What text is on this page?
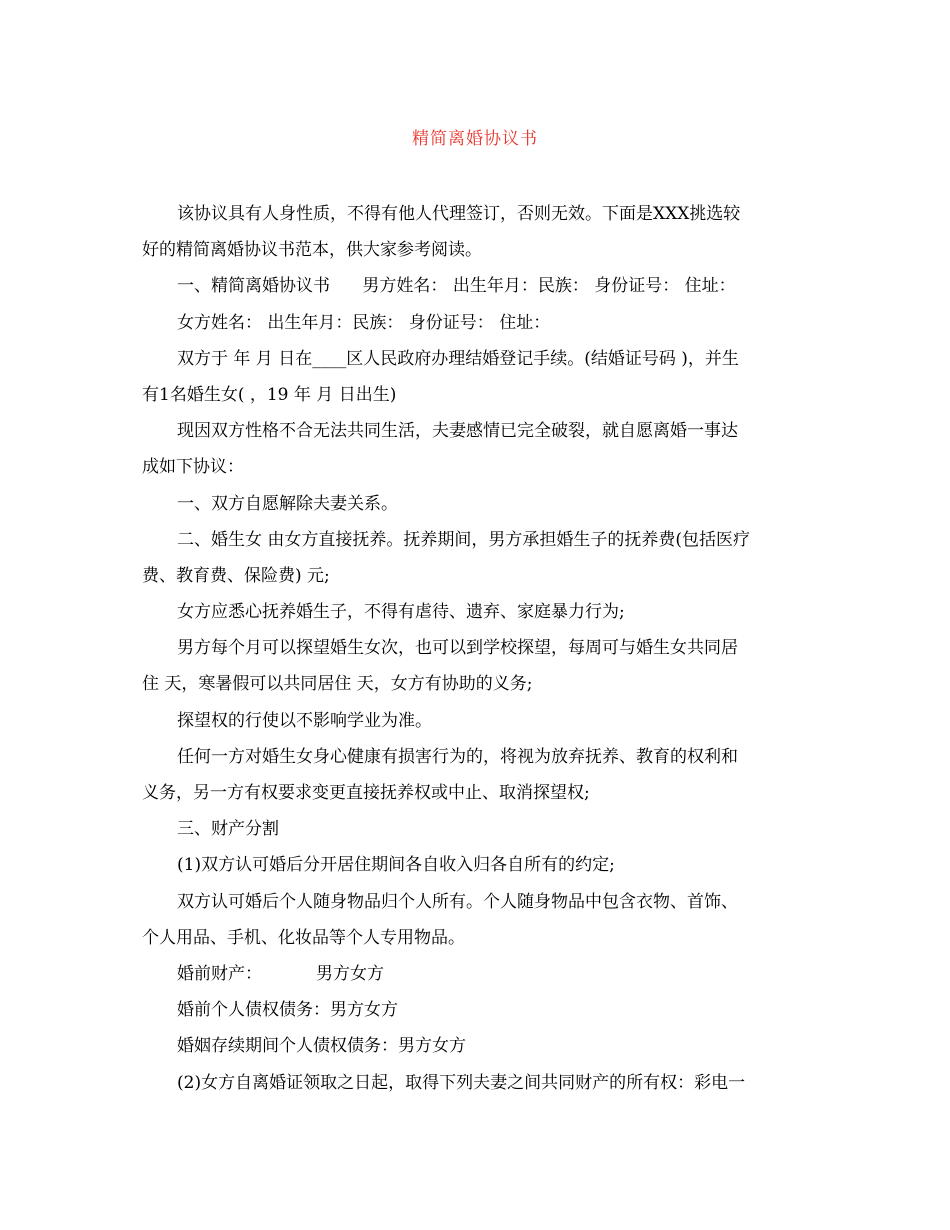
精简离婚协议书
该协议具有人身性质，不得有他人代理签订，否则无效。下面是XXX挑选较
好的精简离婚协议书范本，供大家参考阅读。
一、精简离婚协议书      男方姓名： 出生年月：民族： 身份证号： 住址：
女方姓名： 出生年月：民族： 身份证号： 住址：
双方于 年 月 日在____区人民政府办理结婚登记手续。(结婚证号码 )，并生
有1名婚生女( ，19 年 月 日出生)
现因双方性格不合无法共同生活，夫妻感情已完全破裂，就自愿离婚一事达
成如下协议：
一、双方自愿解除夫妻关系。
二、婚生女 由女方直接抚养。抚养期间，男方承担婚生子的抚养费(包括医疗
费、教育费、保险费) 元;
女方应悉心抚养婚生子，不得有虐待、遗弃、家庭暴力行为;
男方每个月可以探望婚生女次，也可以到学校探望，每周可与婚生女共同居
住 天，寒暑假可以共同居住 天，女方有协助的义务;
探望权的行使以不影响学业为准。
任何一方对婚生女身心健康有损害行为的，将视为放弃抚养、教育的权利和
义务，另一方有权要求变更直接抚养权或中止、取消探望权;
三、财产分割
(1)双方认可婚后分开居住期间各自收入归各自所有的约定;
双方认可婚后个人随身物品归个人所有。个人随身物品中包含衣物、首饰、
个人用品、手机、化妆品等个人专用物品。
婚前财产：          男方女方
婚前个人债权债务：男方女方
婚姻存续期间个人债权债务：男方女方
(2)女方自离婚证领取之日起，取得下列夫妻之间共同财产的所有权：彩电一
